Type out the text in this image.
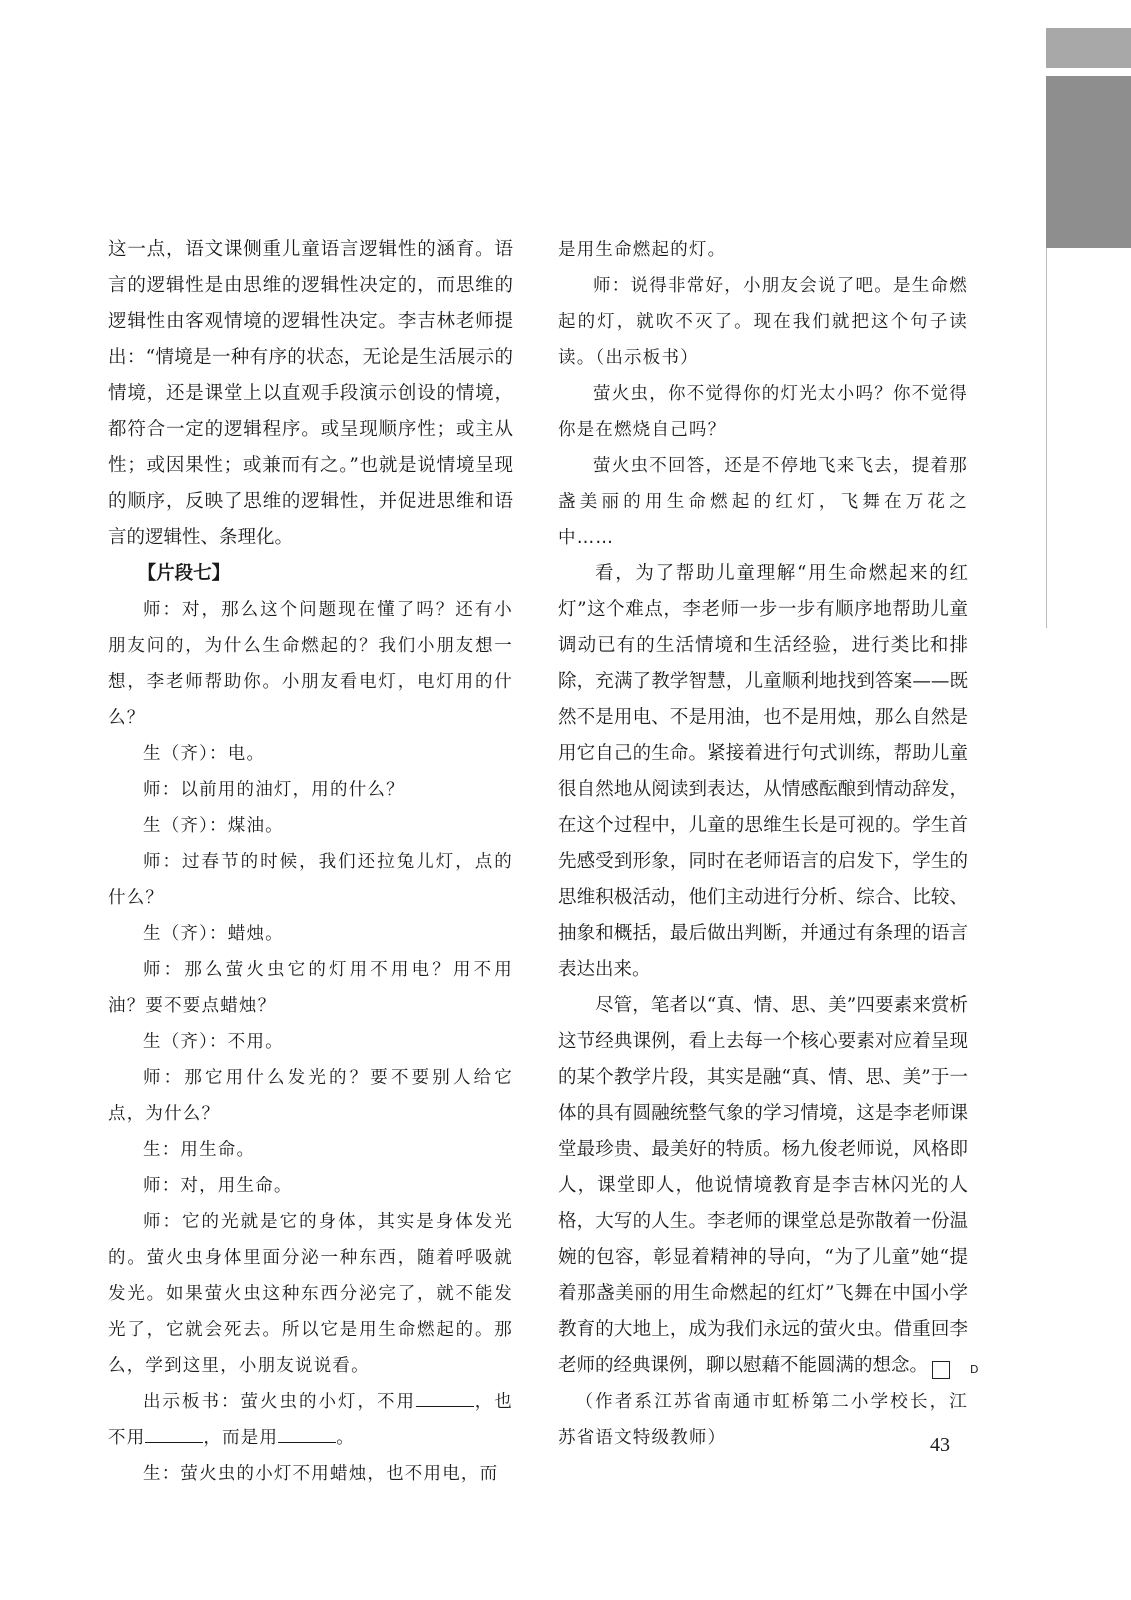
这一点，语文课侧重儿童语言逻辑性的涵育。语言的逻辑性是由思维的逻辑性决定的，而思维的逻辑性由客观情境的逻辑性决定。李吉林老师提出：“情境是一种有序的状态，无论是生活展示的情境，还是课堂上以直观手段演示创设的情境，都符合一定的逻辑程序。或呈现顺序性；或主从性；或因果性；或兼而有之。”也就是说情境呈现的顺序，反映了思维的逻辑性，并促进思维和语言的逻辑性、条理化。

【片段七】

师：对，那么这个问题现在懂了吗？还有小朋友问的，为什么生命燃起的？我们小朋友想一想，李老师帮助你。小朋友看电灯，电灯用的什么？

生（齐）：电。

师：以前用的油灯，用的什么？

生（齐）：煤油。

师：过春节的时候，我们还拉兔儿灯，点的什么？

生（齐）：蜡烛。

师：那么萤火虫它的灯用不用电？用不用油？要不要点蜡烛？

生（齐）：不用。

师：那它用什么发光的？要不要别人给它点，为什么？

生：用生命。

师：对，用生命。

师：它的光就是它的身体，其实是身体发光的。萤火虫身体里面分泌一种东西，随着呼吸就发光。如果萤火虫这种东西分泌完了，就不能发光了，它就会死去。所以它是用生命燃起的。那么，学到这里，小朋友说说看。

出示板书：萤火虫的小灯，不用	，也不用	，而是用	。

生：萤火虫的小灯不用蜡烛，也不用电，而

是用生命燃起的灯。

师：说得非常好，小朋友会说了吧。是生命燃起的灯，就吹不灭了。现在我们就把这个句子读读。（出示板书）

萤火虫，你不觉得你的灯光太小吗？你不觉得你是在燃烧自己吗？

萤火虫不回答，还是不停地飞来飞去，提着那盏美丽的用生命燃起的红灯，飞舞在万花之中……

看，为了帮助儿童理解“用生命燃起来的红灯”这个难点，李老师一步一步有顺序地帮助儿童调动已有的生活情境和生活经验，进行类比和排除，充满了教学智慧，儿童顺利地找到答案——既然不是用电、不是用油，也不是用烛，那么自然是用它自己的生命。紧接着进行句式训练，帮助儿童很自然地从阅读到表达，从情感酝酿到情动辞发，在这个过程中，儿童的思维生长是可视的。学生首先感受到形象，同时在老师语言的启发下，学生的思维积极活动，他们主动进行分析、综合、比较、抽象和概括，最后做出判断，并通过有条理的语言表达出来。

尽管，笔者以“真、情、思、美”四要素来赏析这节经典课例，看上去每一个核心要素对应着呈现的某个教学片段，其实是融“真、情、思、美”于一体的具有圆融统整气象的学习情境，这是李老师课堂最珍贵、最美好的特质。杨九俊老师说，风格即人，课堂即人，他说情境教育是李吉林闪光的人格，大写的人生。李老师的课堂总是弥散着一份温婉的包容，彰显着精神的导向，“为了儿童”她“提着那盏美丽的用生命燃起的红灯”飞舞在中国小学教育的大地上，成为我们永远的萤火虫。借重回李老师的经典课例，聊以慰藉不能圆满的想念。	D

（作者系江苏省南通市虹桥第二小学校长，江苏省语文特级教师）	43
